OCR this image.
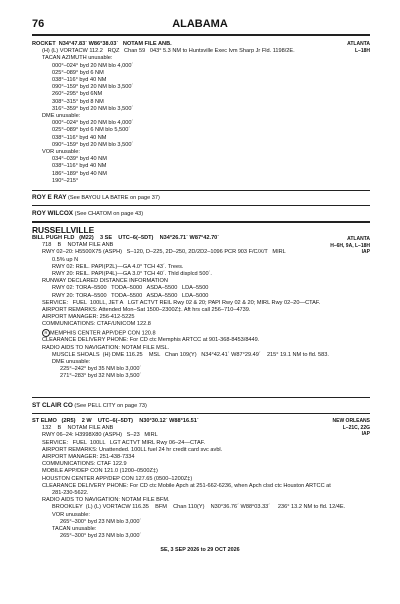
76	ALABAMA
ATLANTA
L–18H
ROCKET  N34°47.83´ W86°38.03´   NOTAM FILE ANB.
(H) (L) VORTACW 112.2   RQZ   Chan 59   043° 5.3 NM to Huntsville Exec Ivm Sharp Jr Fld. 1198/2E.
TACAN AZIMUTH unusable:
000°–024° byd 20 NM blo 4,000´
025°–089° byd 6 NM
038°–116° byd 40 NM
090°–159° byd 20 NM blo 3,500´
260°–295° byd 6NM
308°–315° byd 8 NM
316°–359° byd 20 NM blo 3,500´
DME unusable:
000°–024° byd 20 NM blo 4,000´
025°–089° byd 6 NM blo 5,500´
038°–116° byd 40 NM
090°–159° byd 20 NM blo 3,500´
VOR unusable:
034°–039° byd 40 NM
038°–116° byd 40 NM
186°–189° byd 40 NM
190°–215°
ROY E RAY (See BAYOU LA BATRE on page 37)
ROY WILCOX (See CHATOM on page 43)
RUSSELLVILLE
ATLANTA
H–6H, 9A, L–18H
IAP
BILL PUGH FLD   (M22)    3 SE    UTC–6(–5DT)    N34°26.71´ W87°42.70´
718    B    NOTAM FILE ANB
RWY 02–20: H5500X75 (ASPH)   S–120, D–225, 2D–250, 2D/2D2–1096 PCR 903 F/C/X/T   MIRL
0.5% up N
RWY 02: REIL. PAPI(P2L)—GA 4.0° TCH 43´. Trees.
RWY 20: REIL. PAPI(P4L)—GA 3.0° TCH 40´. Thld displcd 500´.
RUNWAY DECLARED DISTANCE INFORMATION
RWY 02: TORA–5500   TODA–5000   ASDA–5500   LDA–5500
RWY 20: TORA–5500   TODA–5500   ASDA–5500   LDA–5000
SERVICE:   FUEL  100LL, JET A   LGT ACTVT REIL Rwy 02 & 20; PAPI Rwy 02 & 20; MIRL Rwy 02–20—CTAF.
AIRPORT REMARKS: Attended Mon–Sat 1500–2300Z‡. Aft hrs call 256–710–4739.
AIRPORT MANAGER: 256-412-5225
COMMUNICATIONS: CTAF/UNICOM 122.8
R MEMPHIS CENTER APP/DEP CON 120.8
CLEARANCE DELIVERY PHONE: For CD ctc Memphis ARTCC at 901-368-8453/8449.
RADIO AIDS TO NAVIGATION: NOTAM FILE MSL.
MUSCLE SHOALS  (H) DME 116.25    MSL   Chan 109(Y)   N34°42.41´ W87°29.49´    215° 19.1 NM to fld. 583.
DME unusable:
225°–242° byd 35 NM blo 3,000´
271°–283° byd 32 NM blo 3,500´
ST CLAIR CO (See PELL CITY on page 73)
NEW ORLEANS
L–21C, 22G
IAP
ST ELMO   (2R5)    2 W    UTC–6(–5DT)    N30°30.12´ W88°16.51´
132    B    NOTAM FILE ANB
RWY 06–24: H3998X80 (ASPH)   S–23   MIRL
SERVICE:   FUEL  100LL   LGT ACTVT MIRL Rwy 06–24—CTAF.
AIRPORT REMARKS: Unattended. 100LL fuel 24 hr credit card svc avbl.
AIRPORT MANAGER: 251-438-7334
COMMUNICATIONS: CTAF 122.9
MOBILE APP/DEP CON 121.0 (1200–0500Z‡)
HOUSTON CENTER APP/DEP CON 127.65 (0500–1200Z‡)
CLEARANCE DELIVERY PHONE: For CD ctc Mobile Apch at 251-662-6236, when Apch clsd ctc Houston ARTCC at
281-230-5622.
RADIO AIDS TO NAVIGATION: NOTAM FILE BFM.
BROOKLEY  (L) (L) VORTACW 116.35    BFM    Chan 110(Y)    N30°36.76´ W88°03.33´     236° 13.2 NM to fld. 12/4E.
VOR unusable:
265°–300° byd 23 NM blo 3,000´
TACAN unusable:
265°–300° byd 23 NM blo 3,000´
SE, 3 SEP 2026 to 29 OCT 2026
